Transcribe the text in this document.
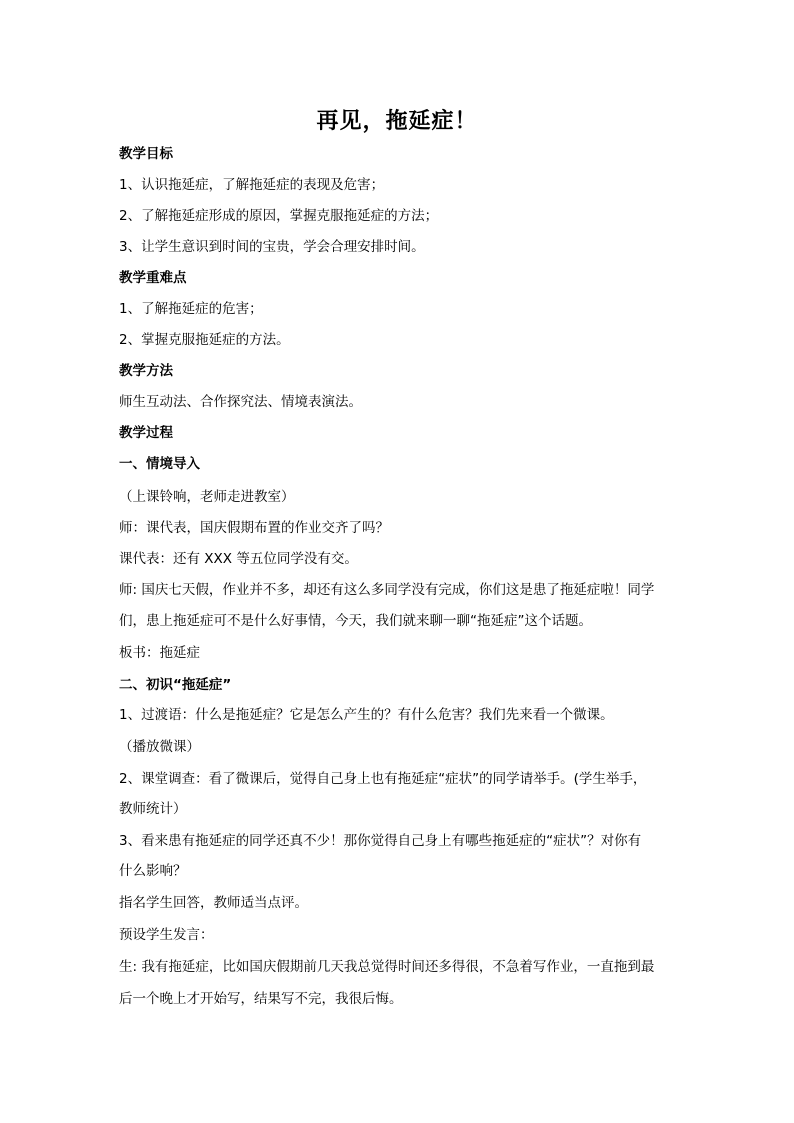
再见，拖延症！
教学目标
1、认识拖延症，了解拖延症的表现及危害；
2、了解拖延症形成的原因，掌握克服拖延症的方法；
3、让学生意识到时间的宝贵，学会合理安排时间。
教学重难点
1、了解拖延症的危害；
2、掌握克服拖延症的方法。
教学方法
师生互动法、合作探究法、情境表演法。
教学过程
一、情境导入
（上课铃响，老师走进教室）
师：课代表，国庆假期布置的作业交齐了吗？
课代表：还有 XXX 等五位同学没有交。
师: 国庆七天假，作业并不多，却还有这么多同学没有完成，你们这是患了拖延症啦！同学
们，患上拖延症可不是什么好事情，今天，我们就来聊一聊“拖延症”这个话题。
板书：拖延症
二、初识“拖延症”
1、过渡语：什么是拖延症？它是怎么产生的？有什么危害？我们先来看一个微课。
（播放微课）
2、课堂调查：看了微课后，觉得自己身上也有拖延症“症状”的同学请举手。(学生举手，
教师统计）
3、看来患有拖延症的同学还真不少！那你觉得自己身上有哪些拖延症的“症状”？对你有
什么影响？
指名学生回答，教师适当点评。
预设学生发言：
生: 我有拖延症，比如国庆假期前几天我总觉得时间还多得很，不急着写作业，一直拖到最
后一个晚上才开始写，结果写不完，我很后悔。
